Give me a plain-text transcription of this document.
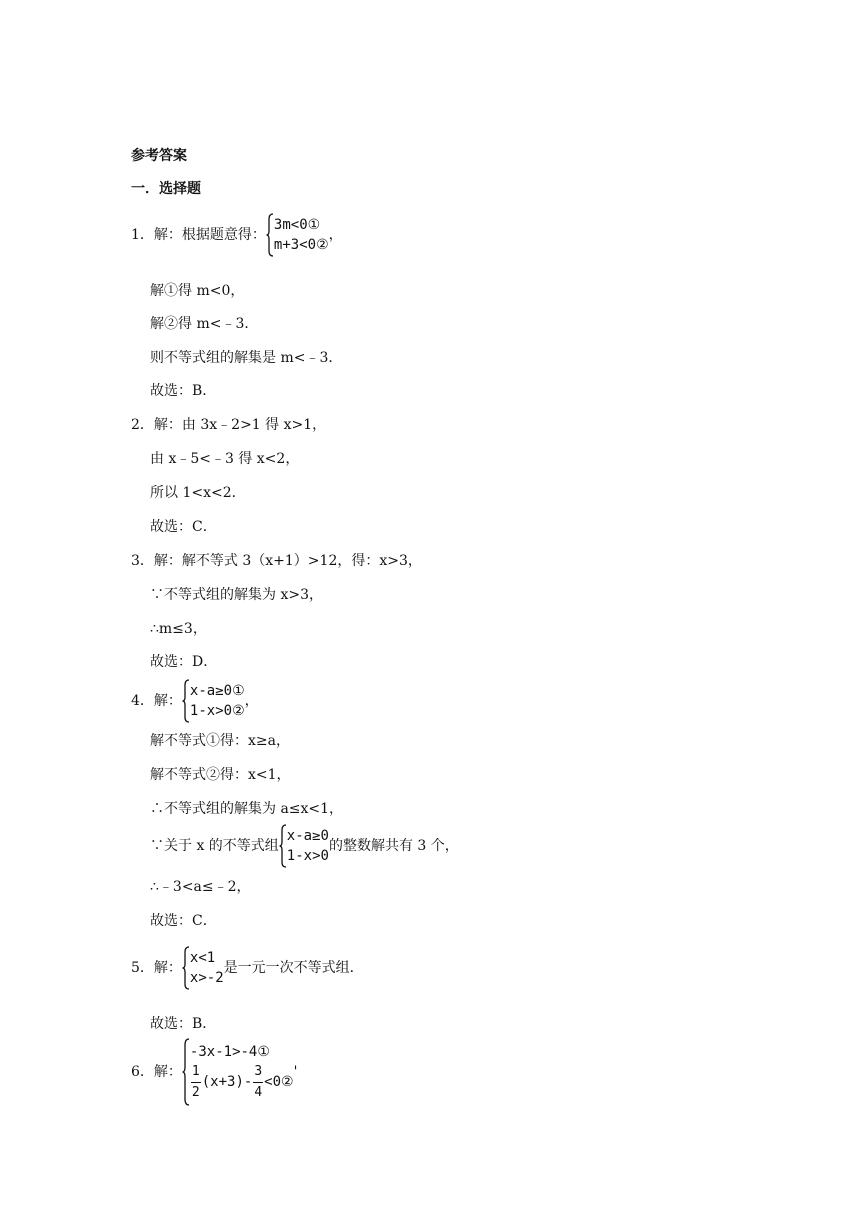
参考答案
一．选择题
1．解：根据题意得：
3m<0①
m+3<0②
，
解①得 m<0，
解②得 m<﹣3．
则不等式组的解集是 m<﹣3．
故选：B．
2．解：由 3x﹣2>1 得 x>1，
由 x﹣5<﹣3 得 x<2，
所以 1<x<2．
故选：C．
3．解：解不等式 3（x+1）>12，得：x>3，
∵不等式组的解集为 x>3，
∴m≤3，
故选：D．
4．解：
x-a≥0①
1-x>0②
，
解不等式①得：x≥a，
解不等式②得：x<1，
∴不等式组的解集为 a≤x<1，
∵关于 x 的不等式组
x-a≥0
1-x>0
的整数解共有 3 个，
∴﹣3<a≤﹣2，
故选：C．
5．解：
x<1
x>-2
是一元一次不等式组．
故选：B．
6．解：
-3x-1>-4①
$\frac{1}{2} (x+3)- \frac{3}{4}$ <0②
'
